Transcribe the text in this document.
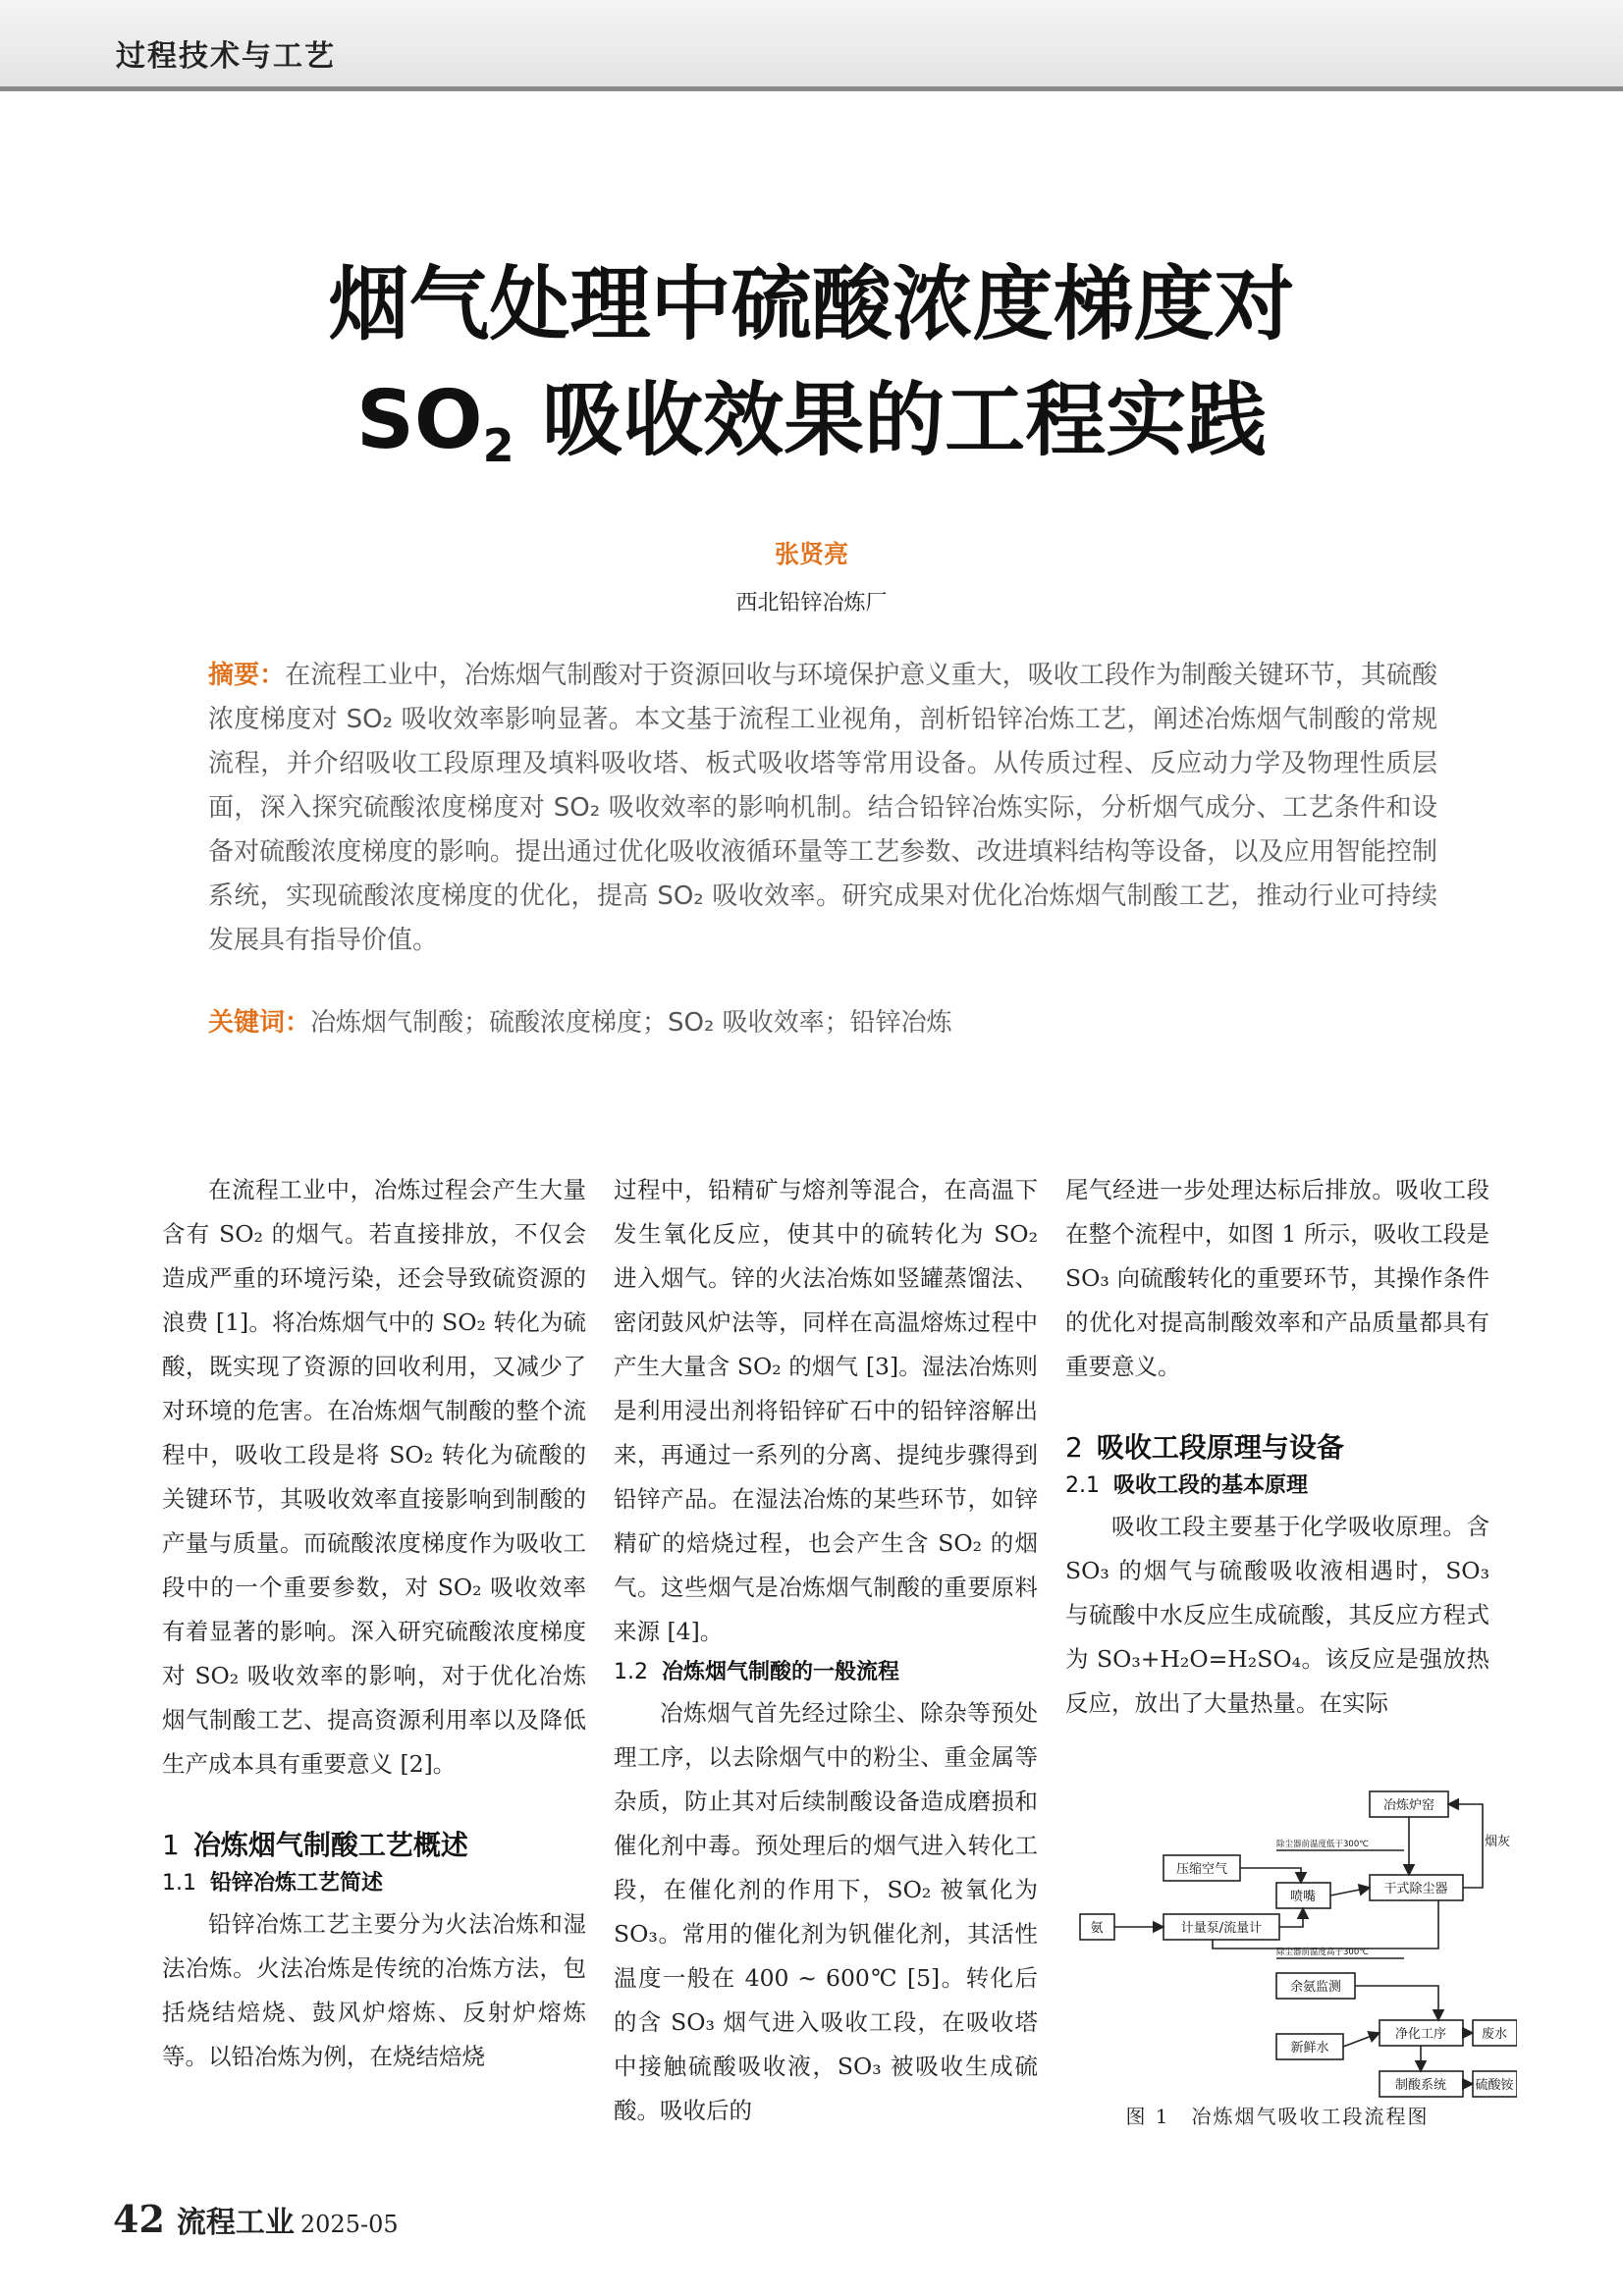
过程技术与工艺
烟气处理中硫酸浓度梯度对
$SO_2$ 吸收效果的工程实践
张贤亮
西北铅锌冶炼厂

摘要：在流程工业中，冶炼烟气制酸对于资源回收与环境保护意义重大，吸收工段作为制酸关键环节，其硫酸浓度梯度对 SO₂ 吸收效率影响显著。本文基于流程工业视角，剖析铅锌冶炼工艺，阐述冶炼烟气制酸的常规流程，并介绍吸收工段原理及填料吸收塔、板式吸收塔等常用设备。从传质过程、反应动力学及物理性质层面，深入探究硫酸浓度梯度对 SO₂ 吸收效率的影响机制。结合铅锌冶炼实际，分析烟气成分、工艺条件和设备对硫酸浓度梯度的影响。提出通过优化吸收液循环量等工艺参数、改进填料结构等设备，以及应用智能控制系统，实现硫酸浓度梯度的优化，提高 SO₂ 吸收效率。研究成果对优化冶炼烟气制酸工艺，推动行业可持续发展具有指导价值。

关键词：冶炼烟气制酸；硫酸浓度梯度；SO₂ 吸收效率；铅锌冶炼

在流程工业中，冶炼过程会产生大量含有 SO₂ 的烟气。若直接排放，不仅会造成严重的环境污染，还会导致硫资源的浪费 [1]。将冶炼烟气中的 SO₂ 转化为硫酸，既实现了资源的回收利用，又减少了对环境的危害。在冶炼烟气制酸的整个流程中，吸收工段是将 SO₂ 转化为硫酸的关键环节，其吸收效率直接影响到制酸的产量与质量。而硫酸浓度梯度作为吸收工段中的一个重要参数，对 SO₂ 吸收效率有着显著的影响。深入研究硫酸浓度梯度对 SO₂ 吸收效率的影响，对于优化冶炼烟气制酸工艺、提高资源利用率以及降低生产成本具有重要意义 [2]。

1 冶炼烟气制酸工艺概述
1.1 铅锌冶炼工艺简述

铅锌冶炼工艺主要分为火法冶炼和湿法冶炼。火法冶炼是传统的冶炼方法，包括烧结焙烧、鼓风炉熔炼、反射炉熔炼等。以铅冶炼为例，在烧结焙烧

过程中，铅精矿与熔剂等混合，在高温下发生氧化反应，使其中的硫转化为 SO₂ 进入烟气。锌的火法冶炼如竖罐蒸馏法、密闭鼓风炉法等，同样在高温熔炼过程中产生大量含 SO₂ 的烟气 [3]。湿法冶炼则是利用浸出剂将铅锌矿石中的铅锌溶解出来，再通过一系列的分离、提纯步骤得到铅锌产品。在湿法冶炼的某些环节，如锌精矿的焙烧过程，也会产生含 SO₂ 的烟气。这些烟气是冶炼烟气制酸的重要原料来源 [4]。

1.2 冶炼烟气制酸的一般流程

冶炼烟气首先经过除尘、除杂等预处理工序，以去除烟气中的粉尘、重金属等杂质，防止其对后续制酸设备造成磨损和催化剂中毒。预处理后的烟气进入转化工段，在催化剂的作用下，SO₂ 被氧化为 SO₃。常用的催化剂为钒催化剂，其活性温度一般在 400 ~ 600℃ [5]。转化后的含 SO₃ 烟气进入吸收工段，在吸收塔中接触硫酸吸收液，SO₃ 被吸收生成硫酸。吸收后的

尾气经进一步处理达标后排放。吸收工段在整个流程中，如图 1 所示，吸收工段是 SO₃ 向硫酸转化的重要环节，其操作条件的优化对提高制酸效率和产品质量都具有重要意义。

2 吸收工段原理与设备
2.1 吸收工段的基本原理

吸收工段主要基于化学吸收原理。含 SO₃ 的烟气与硫酸吸收液相遇时，SO₃ 与硫酸中水反应生成硫酸，其反应方程式为 SO₃+H₂O=H₂SO₄。该反应是强放热反应，放出了大量热量。在实际

冶炼炉窑
压缩空气
喷嘴
干式除尘器
氨	计量泵/流量计
余氨监测
新鲜水
净化工序	废水
制酸系统 硫酸铵
烟灰
除尘器前温度低于300℃
除尘器前温度高于300℃
图 1　冶炼烟气吸收工段流程图
42 流程工业 2025-05
